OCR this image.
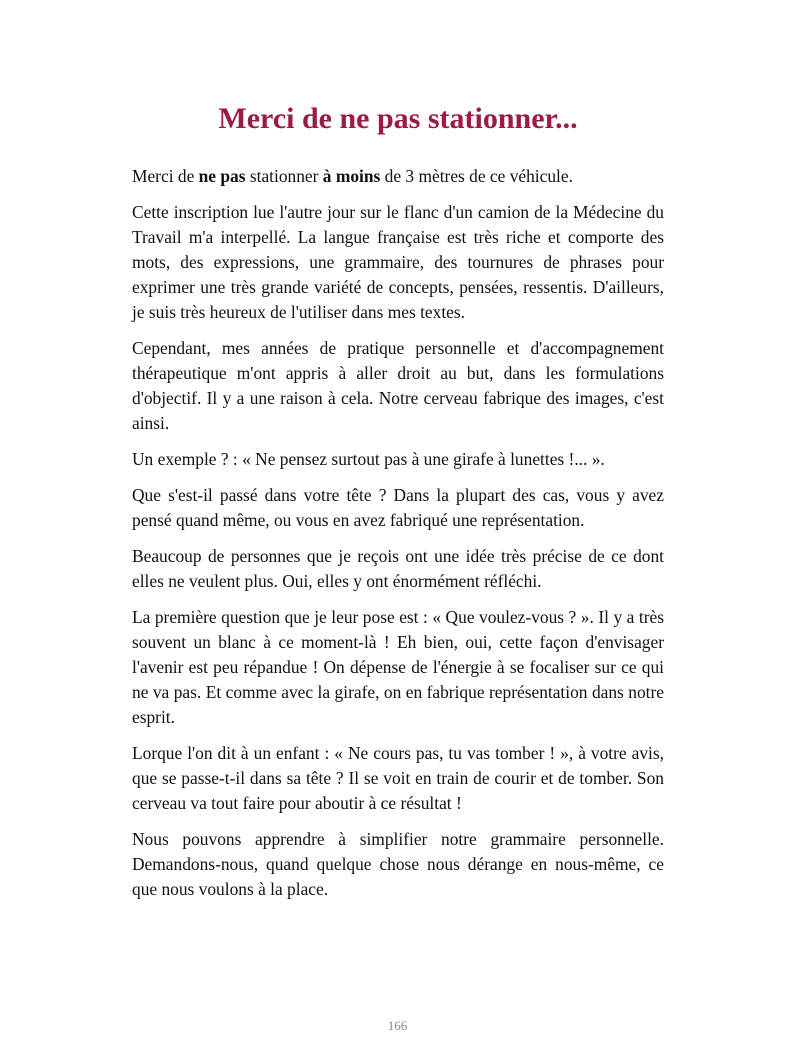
Merci de ne pas stationner...

Merci de ne pas stationner à moins de 3 mètres de ce véhicule.

Cette inscription lue l'autre jour sur le flanc d'un camion de la Médecine du Travail m'a interpellé. La langue française est très riche et comporte des mots, des expressions, une grammaire, des tournures de phrases pour exprimer une très grande variété de concepts, pensées, ressentis. D'ailleurs, je suis très heureux de l'utiliser dans mes textes.

Cependant, mes années de pratique personnelle et d'accompagnement thérapeutique m'ont appris à aller droit au but, dans les formulations d'objectif. Il y a une raison à cela. Notre cerveau fabrique des images, c'est ainsi.

Un exemple ? : « Ne pensez surtout pas à une girafe à lunettes !... ».

Que s'est-il passé dans votre tête ? Dans la plupart des cas, vous y avez pensé quand même, ou vous en avez fabriqué une représentation.

Beaucoup de personnes que je reçois ont une idée très précise de ce dont elles ne veulent plus. Oui, elles y ont énormément réfléchi.

La première question que je leur pose est : « Que voulez-vous ? ». Il y a très souvent un blanc à ce moment-là ! Eh bien, oui, cette façon d'envisager l'avenir est peu répandue ! On dépense de l'énergie à se focaliser sur ce qui ne va pas. Et comme avec la girafe, on en fabrique représentation dans notre esprit.

Lorque l'on dit à un enfant : « Ne cours pas, tu vas tomber ! », à votre avis, que se passe-t-il dans sa tête ? Il se voit en train de courir et de tomber. Son cerveau va tout faire pour aboutir à ce résultat !

Nous pouvons apprendre à simplifier notre grammaire personnelle. Demandons-nous, quand quelque chose nous dérange en nous-même, ce que nous voulons à la place.

166
